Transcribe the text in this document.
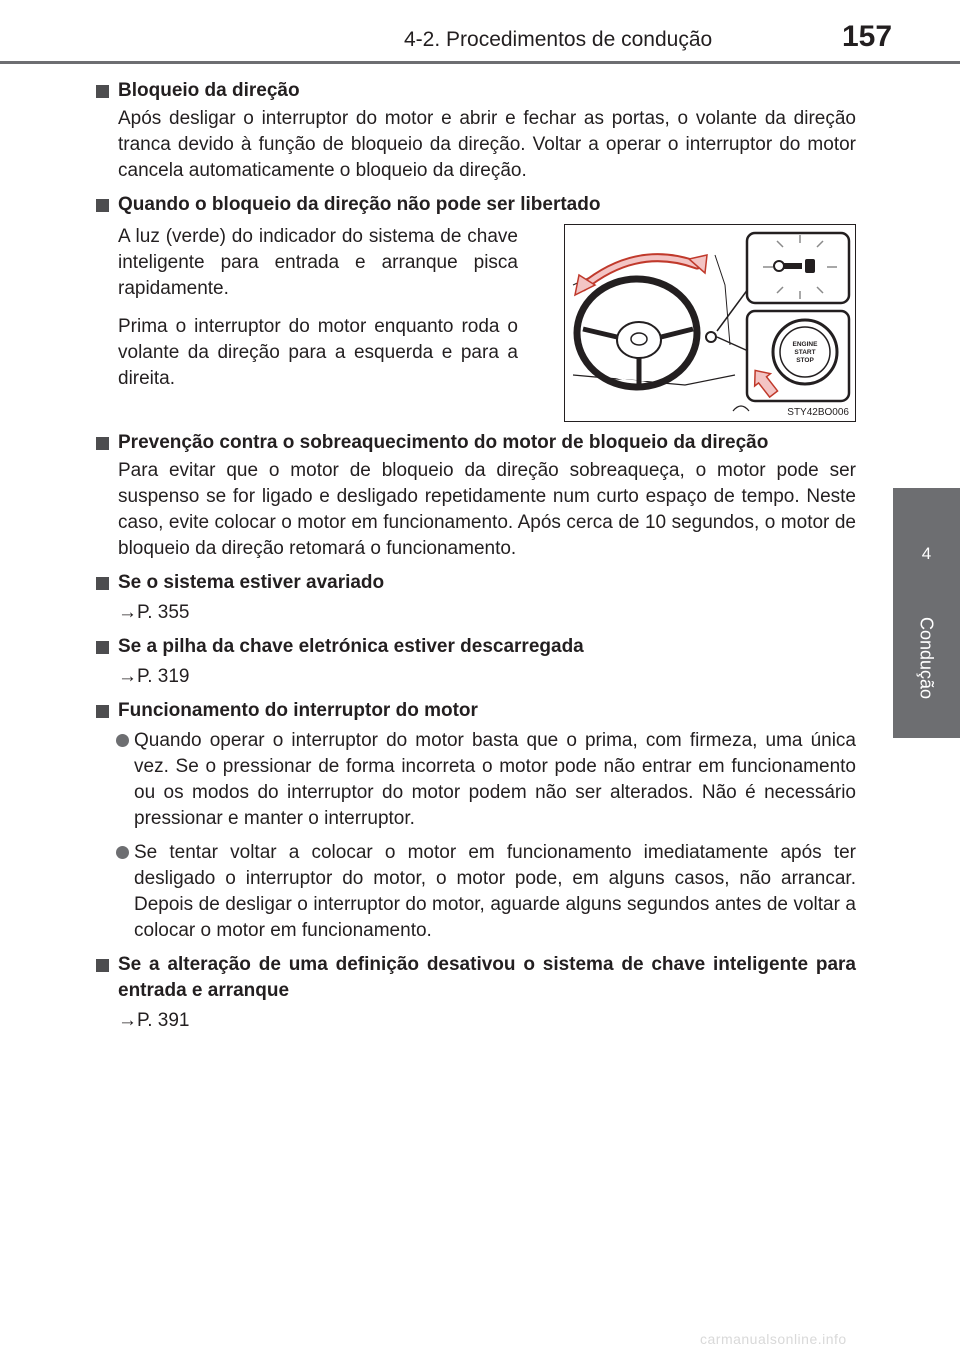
4-2. Procedimentos de condução	157
4
Condução
Bloqueio da direção
Após desligar o interruptor do motor e abrir e fechar as portas, o volante da direção tranca devido à função de bloqueio da direção. Voltar a operar o interruptor do motor cancela automaticamente o bloqueio da direção.
Quando o bloqueio da direção não pode ser libertado

A luz (verde) do indicador do sistema de chave inteligente para entrada e arranque pisca rapidamente.

Prima o interruptor do motor enquanto roda o volante da direção para a esquerda e para a direita.

ENGINE
START
STOP
STY42BO006
Prevenção contra o sobreaquecimento do motor de bloqueio da direção
Para evitar que o motor de bloqueio da direção sobreaqueça, o motor pode ser suspenso se for ligado e desligado repetidamente num curto espaço de tempo. Neste caso, evite colocar o motor em funcionamento. Após cerca de 10 segundos, o motor de bloqueio da direção retomará o funcionamento.
Se o sistema estiver avariado
→P. 355
Se a pilha da chave eletrónica estiver descarregada
→P. 319
Funcionamento do interruptor do motor
Quando operar o interruptor do motor basta que o prima, com firmeza, uma única vez. Se o pressionar de forma incorreta o motor pode não entrar em funcionamento ou os modos do interruptor do motor podem não ser alterados. Não é necessário pressionar e manter o interruptor.
Se tentar voltar a colocar o motor em funcionamento imediatamente após ter desligado o interruptor do motor, o motor pode, em alguns casos, não arrancar. Depois de desligar o interruptor do motor, aguarde alguns segundos antes de voltar a colocar o motor em funcionamento.
Se a alteração de uma definição desativou o sistema de chave inteligente para entrada e arranque
→P. 391
carmanualsonline.info
